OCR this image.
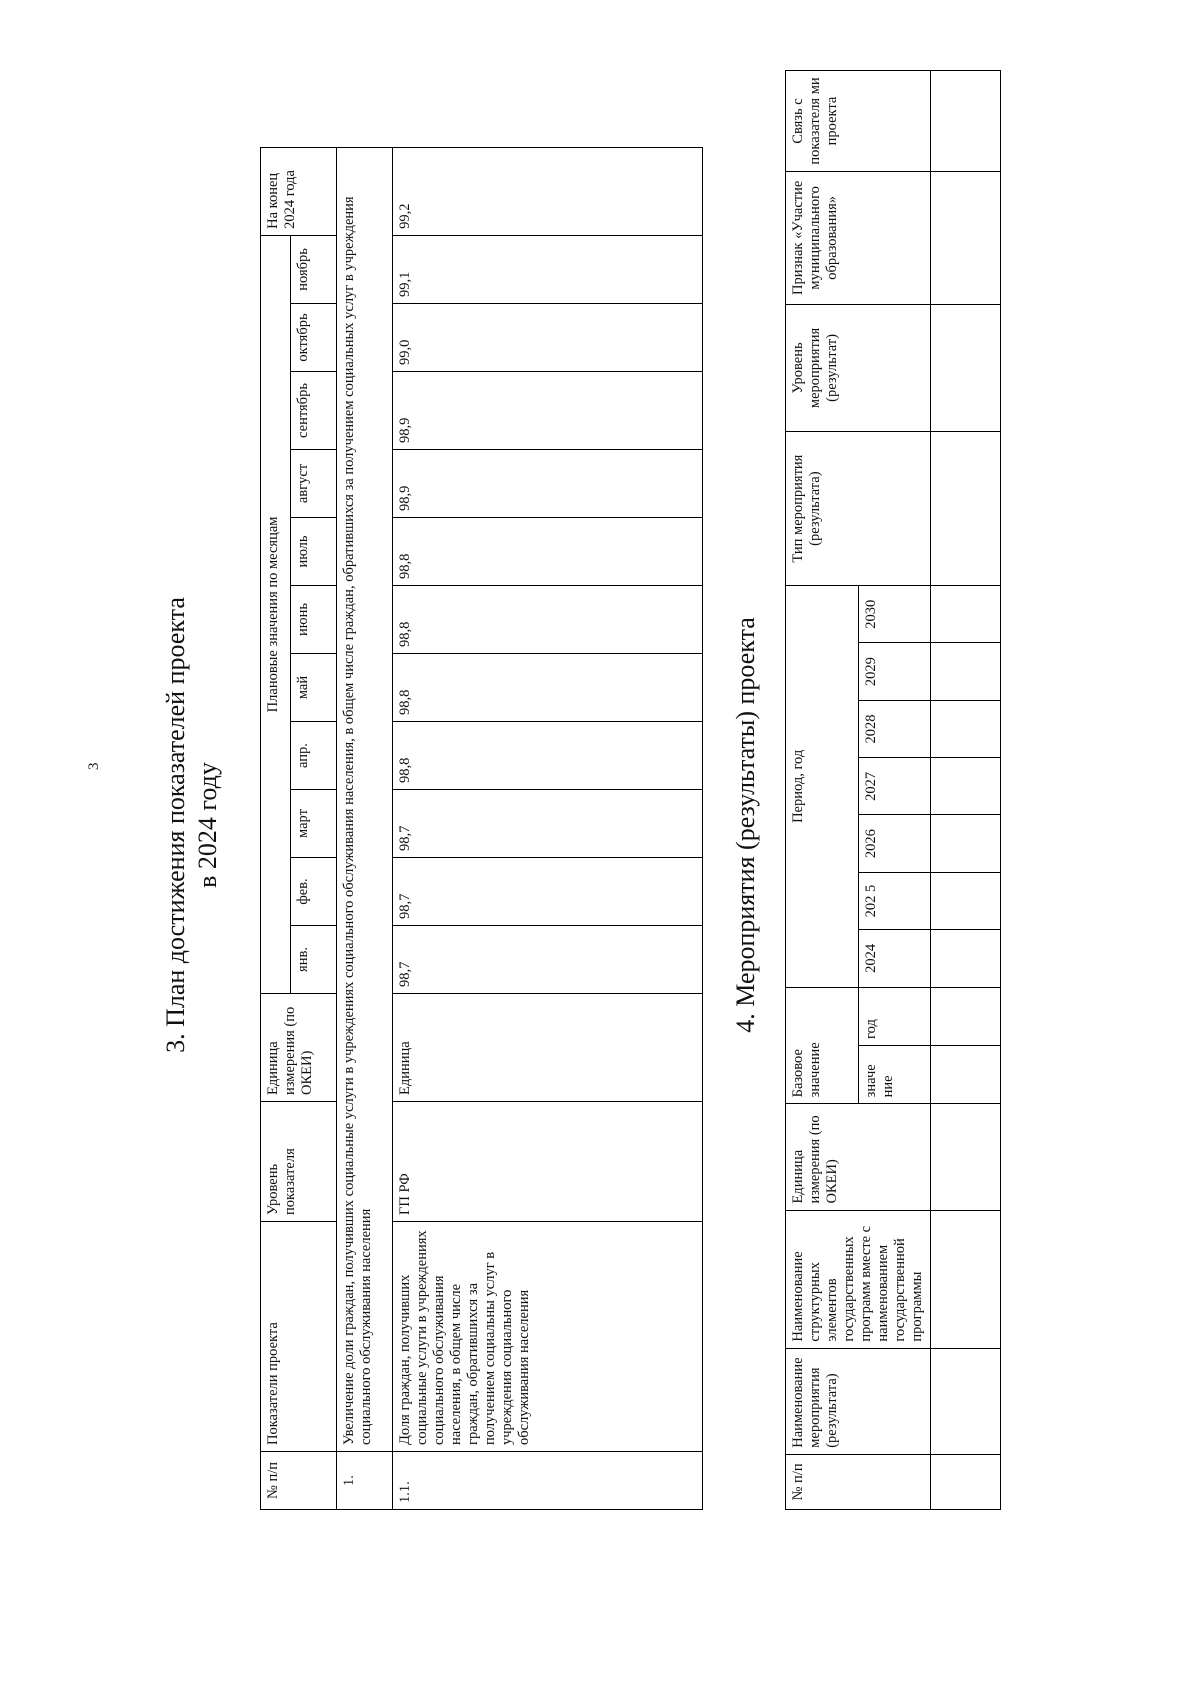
3 3. План достижения показателей проекта в 2024 году
№ п/п	Показатели проекта	Уровень показателя	Единица измерения (по ОКЕИ)	Плановые значения по месяцам											На конец 2024 года
				янв.	фев.	март	апр.	май	июнь	июль	август	сентябрь	октябрь	ноябрь	
1.	Увеличение доли граждан, получивших социальные услуги в учреждениях социального обслуживания населения, в общем числе граждан, обратившихся за получением социальных услуг в учреждения социального обслуживания населения														
1.1.	Доля граждан, получивших социальные услуги в учреждениях социального обслуживания населения, в общем числе граждан, обратившихся за получением социальны услуг в учреждения социального обслуживания населения	ГП РФ	Единица	98,7	98,7	98,7	98,8	98,8	98,8	98,8	98,9	98,9	99,0	99,1	99,2
4. Мероприятия (результаты) проекта
№ п/п	Наименование мероприятия (результата)	Наименование структурных элементов государственных программ вместе с наименованием государственной программы	Единица измерения (по ОКЕИ)	Базовое значение		Период, год							Тип мероприятия (результата)	Уровень мероприятия (результат)	Признак «Участие муниципального образования»	Связь с показателя ми проекта
				значе ние	год	2024	202 5	2026	2027	2028	2029	2030				
